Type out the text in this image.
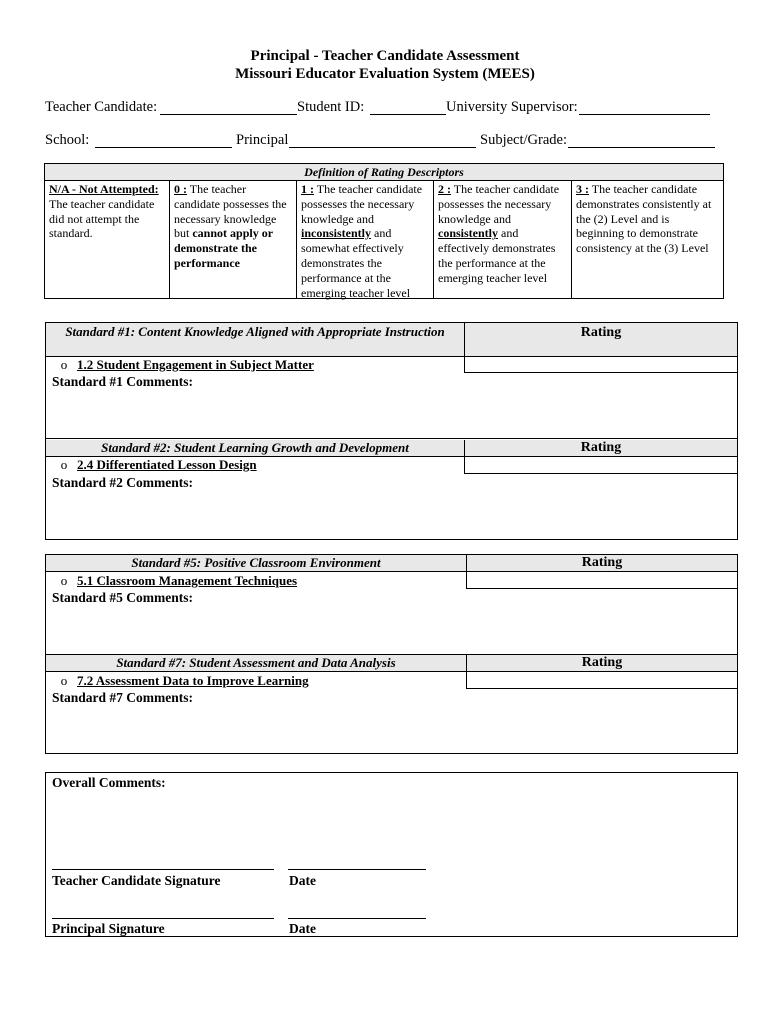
Principal - Teacher Candidate Assessment
Missouri Educator Evaluation System (MEES)
Teacher Candidate:	Student ID:	University Supervisor:
School:	Principal	Subject/Grade:
Definition of Rating Descriptors
N/A - Not Attempted: The teacher candidate did not attempt the standard.
0 : The teacher candidate possesses the necessary knowledge but cannot apply or demonstrate the performance
1 : The teacher candidate possesses the necessary knowledge and inconsistently and somewhat effectively demonstrates the performance at the emerging teacher level
2 : The teacher candidate possesses the necessary knowledge and consistently and effectively demonstrates the performance at the emerging teacher level
3 : The teacher candidate demonstrates consistently at the (2) Level and is beginning to demonstrate consistency at the (3) Level
Standard #1: Content Knowledge Aligned with Appropriate Instruction	Rating
o 1.2 Student Engagement in Subject Matter
Standard #1 Comments:
Standard #2: Student Learning Growth and Development	Rating
o 2.4 Differentiated Lesson Design
Standard #2 Comments:
Standard #5: Positive Classroom Environment	Rating
o 5.1 Classroom Management Techniques
Standard #5 Comments:
Standard #7: Student Assessment and Data Analysis	Rating
o 7.2 Assessment Data to Improve Learning
Standard #7 Comments:
Overall Comments:
Teacher Candidate Signature	Date
Principal Signature	Date
